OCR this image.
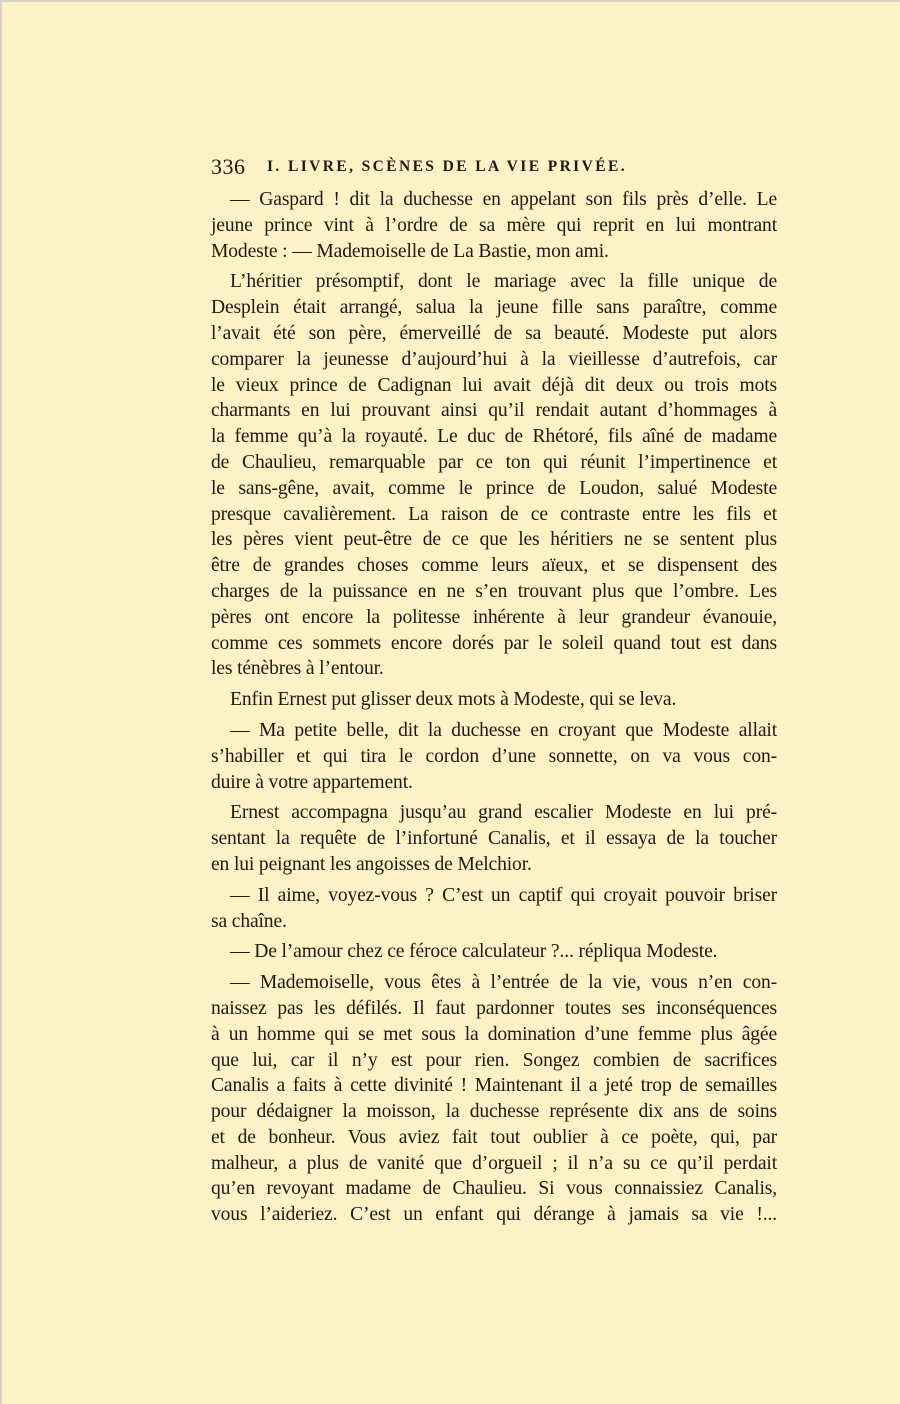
336 I. LIVRE, SCÈNES DE LA VIE PRIVÉE.
— Gaspard ! dit la duchesse en appelant son fils près d’elle. Le
jeune prince vint à l’ordre de sa mère qui reprit en lui montrant
Modeste : — Mademoiselle de La Bastie, mon ami.
L’héritier présomptif, dont le mariage avec la fille unique de
Desplein était arrangé, salua la jeune fille sans paraître, comme
l’avait été son père, émerveillé de sa beauté. Modeste put alors
comparer la jeunesse d’aujourd’hui à la vieillesse d’autrefois, car
le vieux prince de Cadignan lui avait déjà dit deux ou trois mots
charmants en lui prouvant ainsi qu’il rendait autant d’hommages à
la femme qu’à la royauté. Le duc de Rhétoré, fils aîné de madame
de Chaulieu, remarquable par ce ton qui réunit l’impertinence et
le sans-gêne, avait, comme le prince de Loudon, salué Modeste
presque cavalièrement. La raison de ce contraste entre les fils et
les pères vient peut-être de ce que les héritiers ne se sentent plus
être de grandes choses comme leurs aïeux, et se dispensent des
charges de la puissance en ne s’en trouvant plus que l’ombre. Les
pères ont encore la politesse inhérente à leur grandeur évanouie,
comme ces sommets encore dorés par le soleil quand tout est dans
les ténèbres à l’entour.
Enfin Ernest put glisser deux mots à Modeste, qui se leva.
— Ma petite belle, dit la duchesse en croyant que Modeste allait
s’habiller et qui tira le cordon d’une sonnette, on va vous con-
duire à votre appartement.
Ernest accompagna jusqu’au grand escalier Modeste en lui pré-
sentant la requête de l’infortuné Canalis, et il essaya de la toucher
en lui peignant les angoisses de Melchior.
— Il aime, voyez-vous ? C’est un captif qui croyait pouvoir briser
sa chaîne.
— De l’amour chez ce féroce calculateur ?... répliqua Modeste.
— Mademoiselle, vous êtes à l’entrée de la vie, vous n’en con-
naissez pas les défilés. Il faut pardonner toutes ses inconséquences
à un homme qui se met sous la domination d’une femme plus âgée
que lui, car il n’y est pour rien. Songez combien de sacrifices
Canalis a faits à cette divinité ! Maintenant il a jeté trop de semailles
pour dédaigner la moisson, la duchesse représente dix ans de soins
et de bonheur. Vous aviez fait tout oublier à ce poète, qui, par
malheur, a plus de vanité que d’orgueil ; il n’a su ce qu’il perdait
qu’en revoyant madame de Chaulieu. Si vous connaissiez Canalis,
vous l’aideriez. C’est un enfant qui dérange à jamais sa vie !...
